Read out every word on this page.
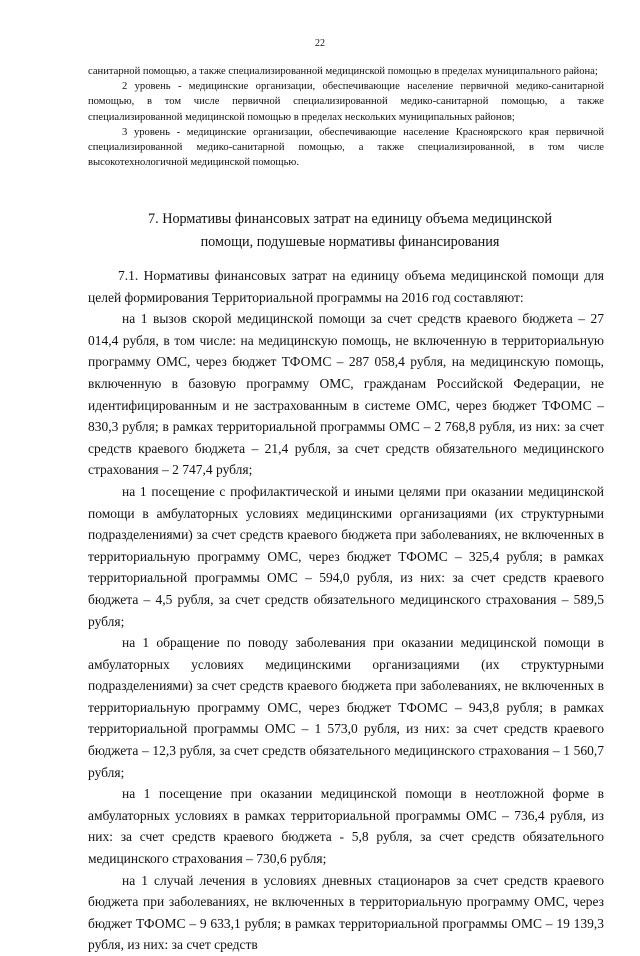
22

санитарной помощью, а также специализированной медицинской помощью в пределах муниципального района;

2 уровень - медицинские организации, обеспечивающие население первичной медико-санитарной помощью, в том числе первичной специализированной медико-санитарной помощью, а также специализированной медицинской помощью в пределах нескольких муниципальных районов;

3 уровень - медицинские организации, обеспечивающие население Красноярского края первичной специализированной медико-санитарной помощью, а также специализированной, в том числе высокотехнологичной медицинской помощью.

7. Нормативы финансовых затрат на единицу объема медицинской помощи, подушевые нормативы финансирования

7.1. Нормативы финансовых затрат на единицу объема медицинской помощи для целей формирования Территориальной программы на 2016 год составляют:

на 1 вызов скорой медицинской помощи за счет средств краевого бюджета – 27 014,4 рубля, в том числе: на медицинскую помощь, не включенную в территориальную программу ОМС, через бюджет ТФОМС – 287 058,4 рубля, на медицинскую помощь, включенную в базовую программу ОМС, гражданам Российской Федерации, не идентифицированным и не застрахованным в системе ОМС, через бюджет ТФОМС – 830,3 рубля; в рамках территориальной программы ОМС – 2 768,8 рубля, из них: за счет средств краевого бюджета – 21,4 рубля, за счет средств обязательного медицинского страхования – 2 747,4 рубля;

на 1 посещение с профилактической и иными целями при оказании медицинской помощи в амбулаторных условиях медицинскими организациями (их структурными подразделениями) за счет средств краевого бюджета при заболеваниях, не включенных в территориальную программу ОМС, через бюджет ТФОМС – 325,4 рубля; в рамках территориальной программы ОМС – 594,0 рубля, из них: за счет средств краевого бюджета – 4,5 рубля, за счет средств обязательного медицинского страхования – 589,5 рубля;

на 1 обращение по поводу заболевания при оказании медицинской помощи в амбулаторных условиях медицинскими организациями (их структурными подразделениями) за счет средств краевого бюджета при заболеваниях, не включенных в территориальную программу ОМС, через бюджет ТФОМС – 943,8 рубля; в рамках территориальной программы ОМС – 1 573,0 рубля, из них: за счет средств краевого бюджета – 12,3 рубля, за счет средств обязательного медицинского страхования – 1 560,7 рубля;

на 1 посещение при оказании медицинской помощи в неотложной форме в амбулаторных условиях в рамках территориальной программы ОМС – 736,4 рубля, из них: за счет средств краевого бюджета - 5,8 рубля, за счет средств обязательного медицинского страхования – 730,6 рубля;

на 1 случай лечения в условиях дневных стационаров за счет средств краевого бюджета при заболеваниях, не включенных в территориальную программу ОМС, через бюджет ТФОМС – 9 633,1 рубля; в рамках территориальной программы ОМС – 19 139,3 рубля, из них: за счет средств
